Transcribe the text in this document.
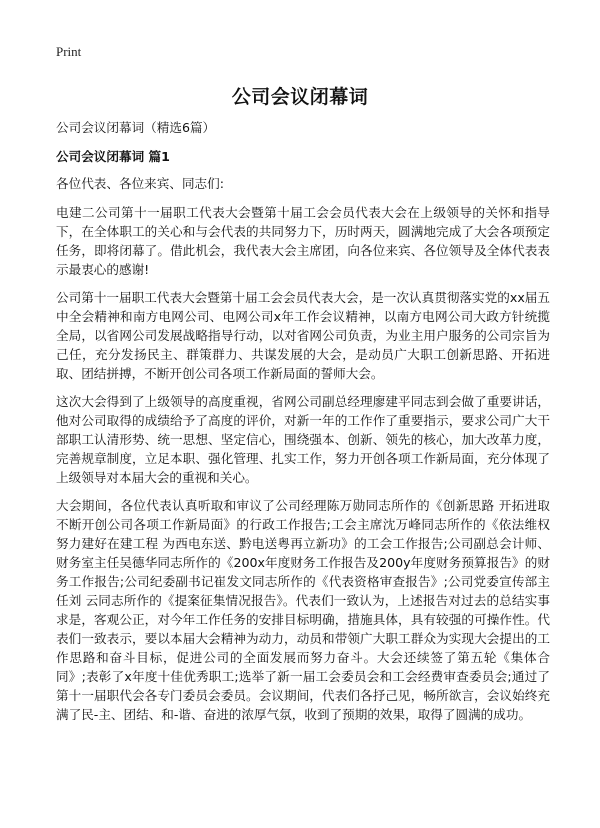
Print
公司会议闭幕词

公司会议闭幕词（精选6篇）

公司会议闭幕词 篇1

各位代表、各位来宾、同志们:

电建二公司第十一届职工代表大会暨第十届工会会员代表大会在上级领导的关怀和指导下，在全体职工的关心和与会代表的共同努力下，历时两天，圆满地完成了大会各项预定任务，即将闭幕了。借此机会，我代表大会主席团，向各位来宾、各位领导及全体代表表示最衷心的感谢!

公司第十一届职工代表大会暨第十届工会会员代表大会，是一次认真贯彻落实党的xx届五中全会精神和南方电网公司、电网公司x年工作会议精神，以南方电网公司大政方针统揽全局，以省网公司发展战略指导行动，以对省网公司负责，为业主用户服务的公司宗旨为己任，充分发扬民主、群策群力、共谋发展的大会，是动员广大职工创新思路、开拓进取、团结拼搏，不断开创公司各项工作新局面的誓师大会。

这次大会得到了上级领导的高度重视，省网公司副总经理廖建平同志到会做了重要讲话，他对公司取得的成绩给予了高度的评价，对新一年的工作作了重要指示，要求公司广大干部职工认清形势、统一思想、坚定信心，围绕强本、创新、领先的核心，加大改革力度，完善规章制度，立足本职、强化管理、扎实工作，努力开创各项工作新局面，充分体现了上级领导对本届大会的重视和关心。

大会期间，各位代表认真听取和审议了公司经理陈万勋同志所作的《创新思路 开拓进取 不断开创公司各项工作新局面》的行政工作报告;工会主席沈万峰同志所作的《依法维权 努力建好在建工程 为西电东送、黔电送粤再立新功》的工会工作报告;公司副总会计师、财务室主任吴德华同志所作的《200x年度财务工作报告及200y年度财务预算报告》的财务工作报告;公司纪委副书记崔发文同志所作的《代表资格审查报告》;公司党委宣传部主任刘 云同志所作的《提案征集情况报告》。代表们一致认为，上述报告对过去的总结实事求是，客观公正，对今年工作任务的安排目标明确，措施具体，具有较强的可操作性。代表们一致表示，要以本届大会精神为动力，动员和带领广大职工群众为实现大会提出的工作思路和奋斗目标，促进公司的全面发展而努力奋斗。大会还续签了第五轮《集体合同》;表彰了x年度十佳优秀职工;选举了新一届工会委员会和工会经费审查委员会;通过了第十一届职代会各专门委员会委员。会议期间，代表们各抒己见，畅所欲言，会议始终充满了民-主、团结、和-谐、奋进的浓厚气氛，收到了预期的效果，取得了圆满的成功。
